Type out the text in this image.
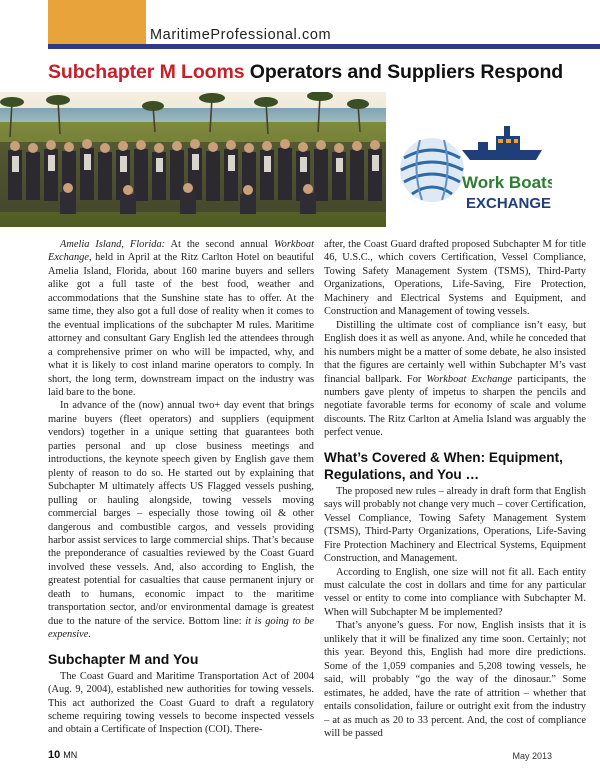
MaritimeProfessional.com
Subchapter M Looms Operators and Suppliers Respond
Work Boats
EXCHANGE

Amelia Island, Florida: At the second annual Workboat Exchange, held in April at the Ritz Carlton Hotel on beautiful Amelia Island, Florida, about 160 marine buyers and sellers alike got a full taste of the best food, weather and accommodations that the Sunshine state has to offer. At the same time, they also got a full dose of reality when it comes to the eventual implications of the subchapter M rules. Maritime attorney and consultant Gary English led the attendees through a comprehensive primer on who will be impacted, why, and what it is likely to cost inland marine operators to comply. In short, the long term, downstream impact on the industry was laid bare to the bone.

In advance of the (now) annual two+ day event that brings marine buyers (fleet operators) and suppliers (equipment vendors) together in a unique setting that guarantees both parties personal and up close business meetings and introductions, the keynote speech given by English gave them plenty of reason to do so. He started out by explaining that Subchapter M ultimately affects US Flagged vessels pushing, pulling or hauling alongside, towing vessels moving commercial barges – especially those towing oil & other dangerous and combustible cargos, and vessels providing harbor assist services to large commercial ships. That’s because the preponderance of casualties reviewed by the Coast Guard involved these vessels. And, also according to English, the greatest potential for casualties that cause permanent injury or death to humans, economic impact to the maritime transportation sector, and/or environmental damage is greatest due to the nature of the service. Bottom line: it is going to be expensive.

Subchapter M and You

The Coast Guard and Maritime Transportation Act of 2004 (Aug. 9, 2004), established new authorities for towing vessels. This act authorized the Coast Guard to draft a regulatory scheme requiring towing vessels to become inspected vessels and obtain a Certificate of Inspection (COI). There-

after, the Coast Guard drafted proposed Subchapter M for title 46, U.S.C., which covers Certification, Vessel Compliance, Towing Safety Management System (TSMS), Third-Party Organizations, Operations, Life-Saving, Fire Protection, Machinery and Electrical Systems and Equipment, and Construction and Management of towing vessels.

Distilling the ultimate cost of compliance isn’t easy, but English does it as well as anyone. And, while he conceded that his numbers might be a matter of some debate, he also insisted that the figures are certainly well within Subchapter M’s vast financial ballpark. For Workboat Exchange participants, the numbers gave plenty of impetus to sharpen the pencils and negotiate favorable terms for economy of scale and volume discounts. The Ritz Carlton at Amelia Island was arguably the perfect venue.

What’s Covered & When: Equipment, Regulations, and You …

The proposed new rules – already in draft form that English says will probably not change very much – cover Certification, Vessel Compliance, Towing Safety Management System (TSMS), Third-Party Organizations, Operations, Life-Saving Fire Protection Machinery and Electrical Systems, Equipment Construction, and Management.

According to English, one size will not fit all. Each entity must calculate the cost in dollars and time for any particular vessel or entity to come into compliance with Subchapter M. When will Subchapter M be implemented?

That’s anyone’s guess. For now, English insists that it is unlikely that it will be finalized any time soon. Certainly; not this year. Beyond this, English had more dire predictions. Some of the 1,059 companies and 5,208 towing vessels, he said, will probably “go the way of the dinosaur.” Some estimates, he added, have the rate of attrition – whether that entails consolidation, failure or outright exit from the industry – at as much as 20 to 33 percent. And, the cost of compliance will be passed

10 MN	May 2013
